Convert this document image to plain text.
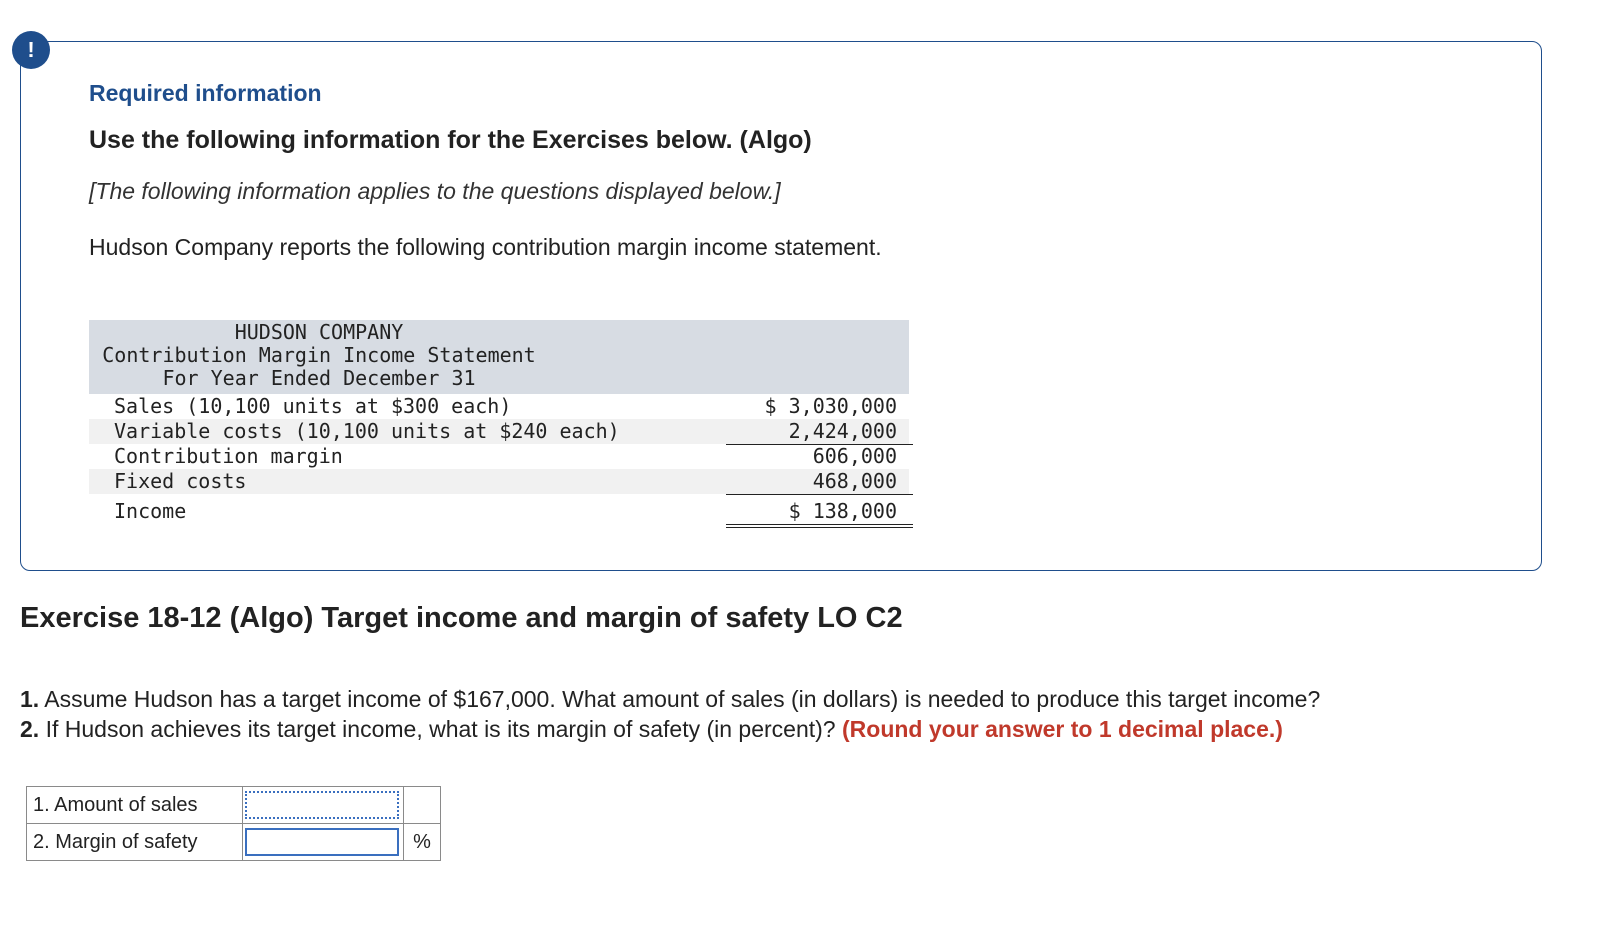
!
Required information
Use the following information for the Exercises below. (Algo)
[The following information applies to the questions displayed below.]
Hudson Company reports the following contribution margin income statement.
HUDSON COMPANY
Contribution Margin Income Statement
For Year Ended December 31
Sales (10,100 units at $300 each)	$ 3,030,000
Variable costs (10,100 units at $240 each)	2,424,000
Contribution margin	606,000
Fixed costs	468,000
Income	$ 138,000
Exercise 18-12 (Algo) Target income and margin of safety LO C2
1. Assume Hudson has a target income of $167,000. What amount of sales (in dollars) is needed to produce this target income?
2. If Hudson achieves its target income, what is its margin of safety (in percent)? (Round your answer to 1 decimal place.)
1. Amount of sales		
2. Margin of safety		%
